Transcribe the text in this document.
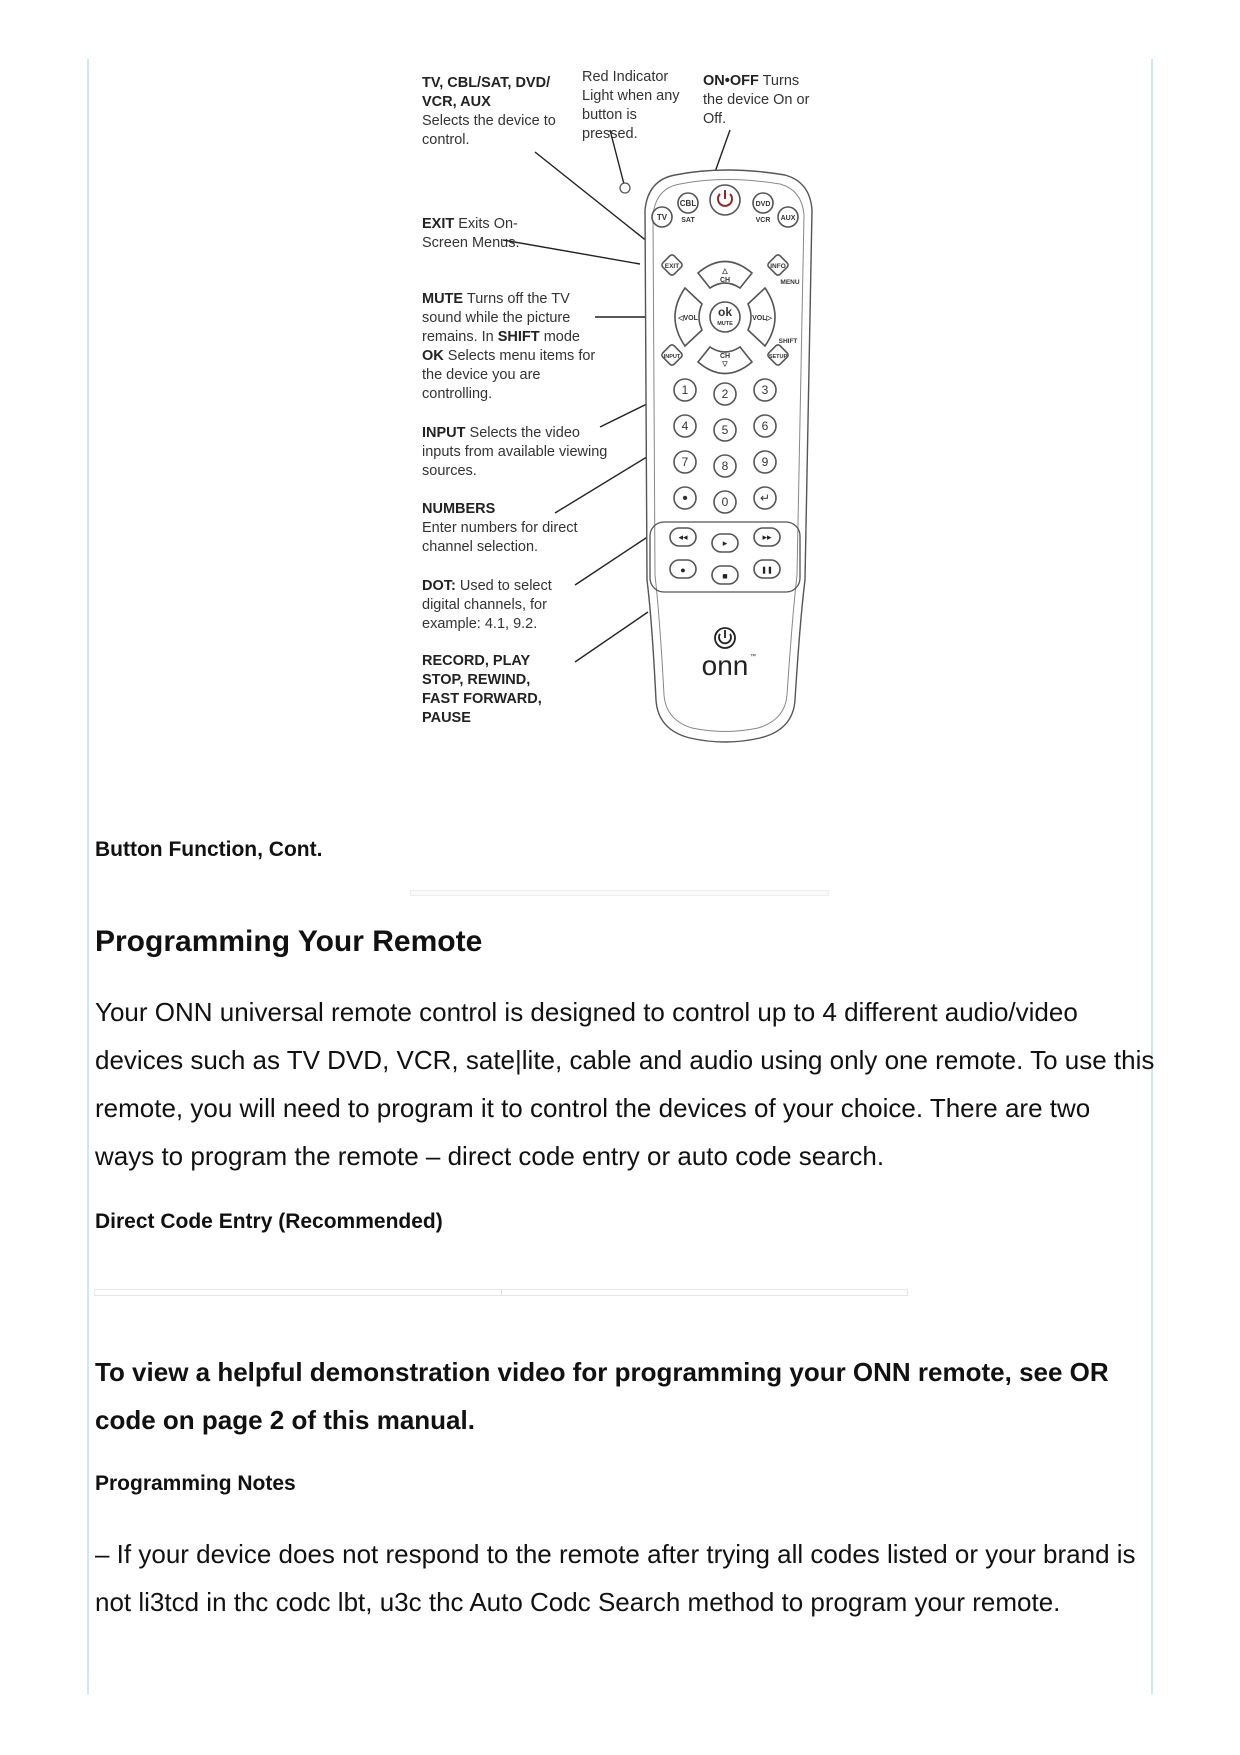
TV, CBL/SAT, DVD/ VCR, AUX
Selects the device to control.
Red Indicator Light when any button is pressed.
ON•OFF Turns the device On or Off.
EXIT Exits On-Screen Menus.
MUTE Turns off the TV sound while the picture remains. In SHIFT mode OK Selects menu items for the device you are controlling.
INPUT Selects the video inputs from available viewing sources.
NUMBERS
Enter numbers for direct channel selection.
DOT: Used to select digital channels, for example: 4.1, 9.2.
RECORD, PLAY STOP, REWIND, FAST FORWARD, PAUSE
TV
CBL
SAT
DVD
VCR AUX
EXIT	INFO
MENU
INPUT	SETUP
SHIFT
△
CH
CH
▽
◁VOL	VOL▷
ok
MUTE
1	2	3
4	5	6
7	8	9
•	0	↵
◂◂
▸
▸▸
●
■
❚❚
onn ™
Button Function, Cont.
Programming Your Remote
Your ONN universal remote control is designed to control up to 4 different audio/video devices such as TV DVD, VCR, sate|lite, cable and audio using only one remote. To use this remote, you will need to program it to control the devices of your choice. There are two ways to program the remote – direct code entry or auto code search.
Direct Code Entry (Recommended)
To view a helpful demonstration video for programming your ONN remote, see OR code on page 2 of this manual.
Programming Notes
– If your device does not respond to the remote after trying all codes listed or your brand is not li3tcd in thc codc lbt, u3c thc Auto Codc Search method to program your remote.
